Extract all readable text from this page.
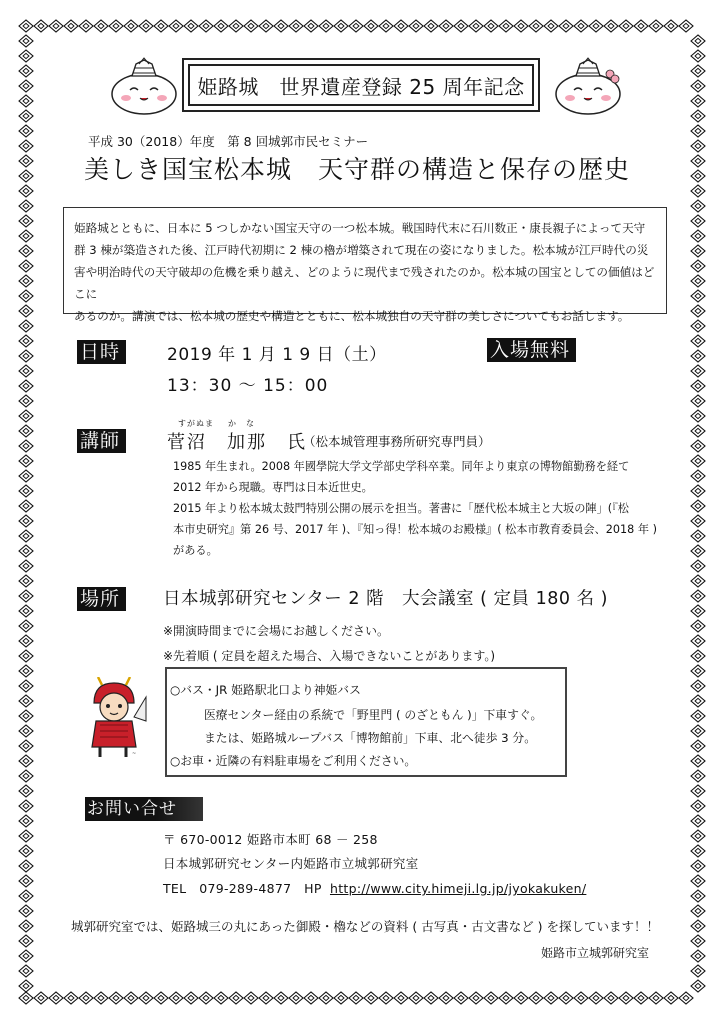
姫路城　世界遺産登録 25 周年記念
平成 30（2018）年度　第 8 回城郭市民セミナー
美しき国宝松本城　天守群の構造と保存の歴史
姫路城とともに、日本に 5 つしかない国宝天守の一つ松本城。戦国時代末に石川数正・康長親子によって天守
群 3 棟が築造された後、江戸時代初期に 2 棟の櫓が増築されて現在の姿になりました。松本城が江戸時代の災
害や明治時代の天守破却の危機を乗り越え、どのように現代まで残されたのか。松本城の国宝としての価値はどこに
あるのか。講演では、松本城の歴史や構造とともに、松本城独自の天守群の美しさについてもお話します。
日時	2019 年 1 月 1 9 日（土）	入場無料
13：30 ～ 15：00
講師
すがぬま か　な
菅沼　加那　氏
（松本城管理事務所研究専門員）
1985 年生まれ。2008 年國學院大学文学部史学科卒業。同年より東京の博物館勤務を経て
2012 年から現職。専門は日本近世史。
2015 年より松本城太鼓門特別公開の展示を担当。著書に「歴代松本城主と大坂の陣」(『松
本市史研究』第 26 号、2017 年 )、『知っ得！松本城のお殿様』( 松本市教育委員会、2018 年 )
がある。
場所	日本城郭研究センター 2 階　大会議室 ( 定員 180 名 )
※開演時間までに会場にお越しください。
※先着順 ( 定員を超えた場合、入場できないことがあります。)
~
○バス・JR 姫路駅北口より神姫バス
医療センター経由の系統で「野里門 ( のざともん )」下車すぐ。
または、姫路城ループバス「博物館前」下車、北へ徒歩 3 分。
○お車・近隣の有料駐車場をご利用ください。
お問い合せ
〒 670-0012 姫路市本町 68 － 258
日本城郭研究センター内姫路市立城郭研究室
TEL　079-289-4877　HP http://www.city.himeji.lg.jp/jyokakuken/
城郭研究室では、姫路城三の丸にあった御殿・櫓などの資料 ( 古写真・古文書など ) を探しています！！
姫路市立城郭研究室
